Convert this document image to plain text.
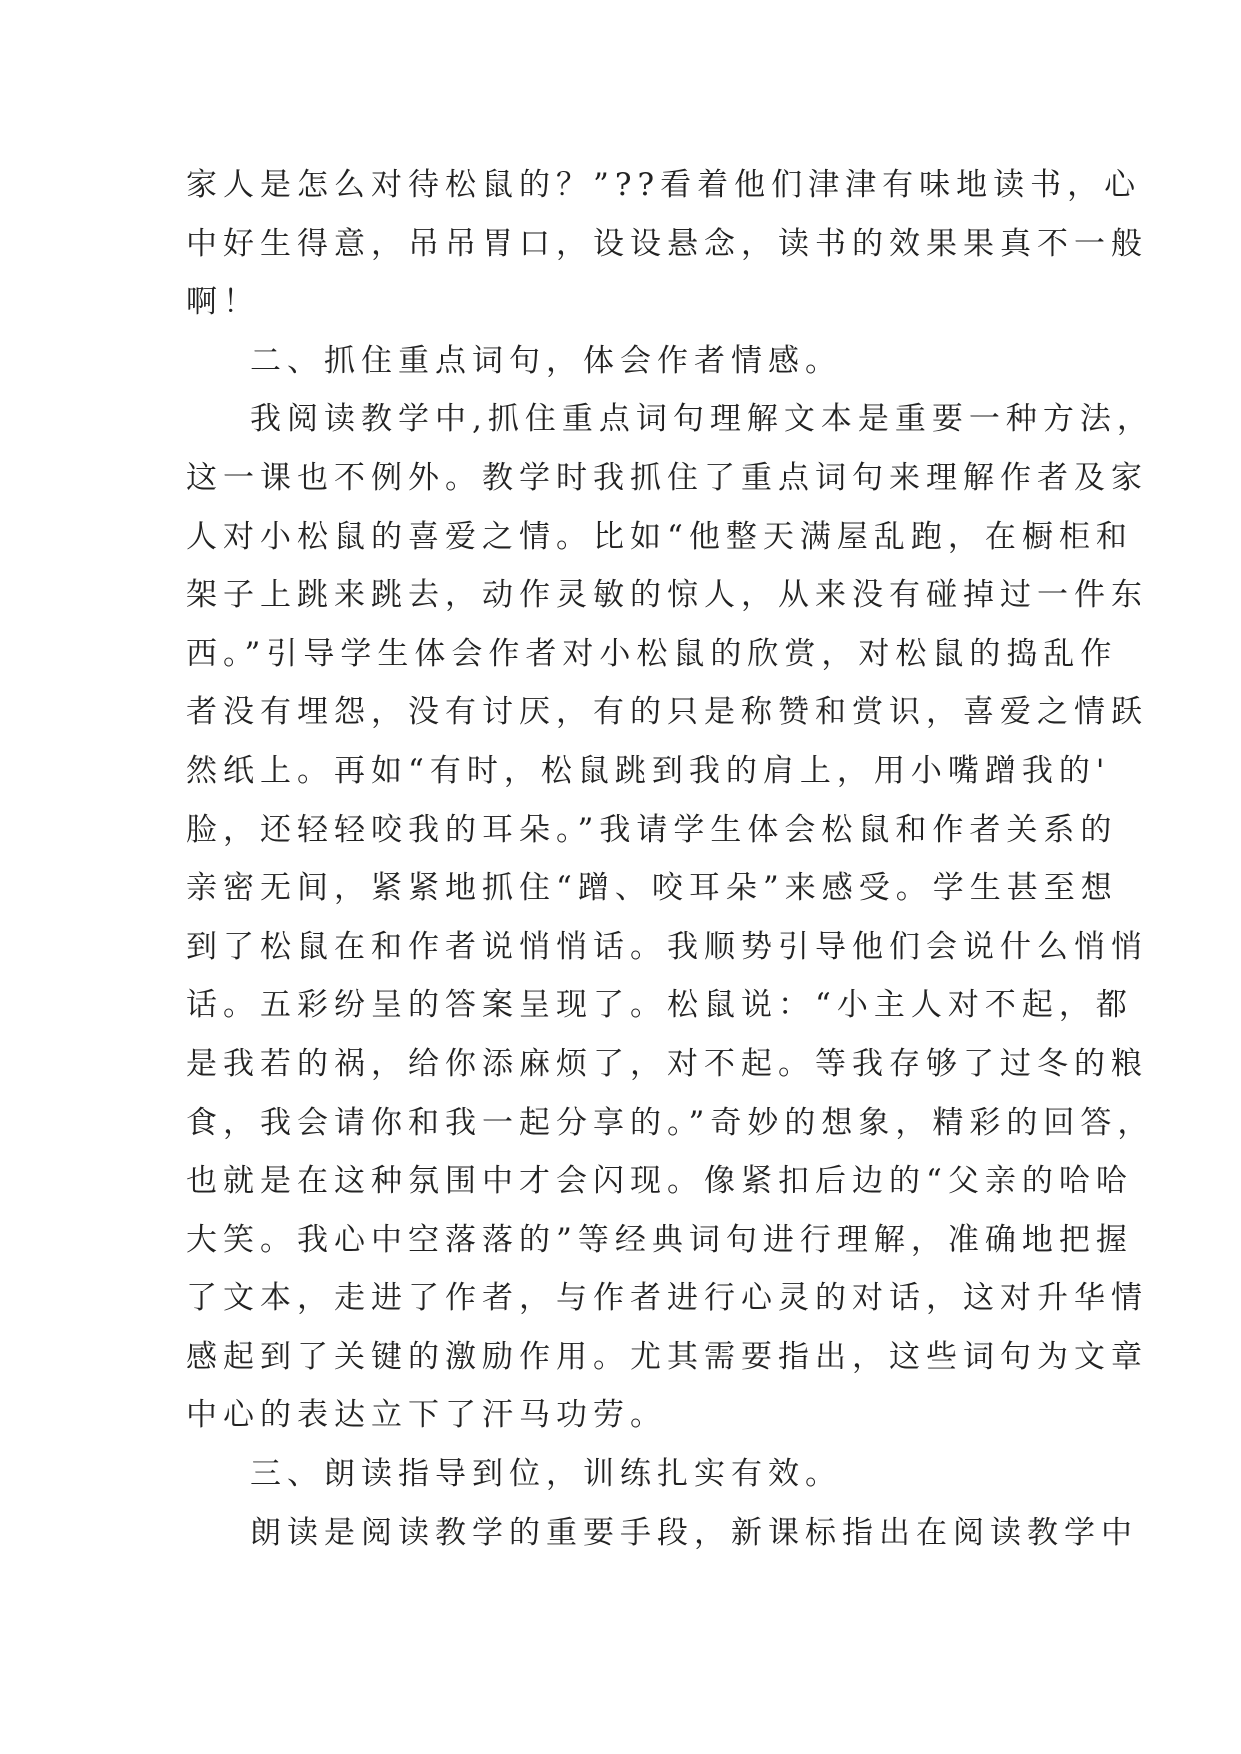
家人是怎么对待松鼠的？”??看着他们津津有味地读书，心
中好生得意，吊吊胃口，设设悬念，读书的效果果真不一般
啊！
二、抓住重点词句，体会作者情感。
我阅读教学中,抓住重点词句理解文本是重要一种方法，
这一课也不例外。教学时我抓住了重点词句来理解作者及家
人对小松鼠的喜爱之情。比如“他整天满屋乱跑，在橱柜和
架子上跳来跳去，动作灵敏的惊人，从来没有碰掉过一件东
西。”引导学生体会作者对小松鼠的欣赏，对松鼠的捣乱作
者没有埋怨，没有讨厌，有的只是称赞和赏识，喜爱之情跃
然纸上。再如“有时，松鼠跳到我的肩上，用小嘴蹭我的'
脸，还轻轻咬我的耳朵。”我请学生体会松鼠和作者关系的
亲密无间，紧紧地抓住“蹭、咬耳朵”来感受。学生甚至想
到了松鼠在和作者说悄悄话。我顺势引导他们会说什么悄悄
话。五彩纷呈的答案呈现了。松鼠说：“小主人对不起，都
是我若的祸，给你添麻烦了，对不起。等我存够了过冬的粮
食，我会请你和我一起分享的。”奇妙的想象，精彩的回答，
也就是在这种氛围中才会闪现。像紧扣后边的“父亲的哈哈
大笑。我心中空落落的”等经典词句进行理解，准确地把握
了文本，走进了作者，与作者进行心灵的对话，这对升华情
感起到了关键的激励作用。尤其需要指出，这些词句为文章
中心的表达立下了汗马功劳。
三、朗读指导到位，训练扎实有效。
朗读是阅读教学的重要手段，新课标指出在阅读教学中
